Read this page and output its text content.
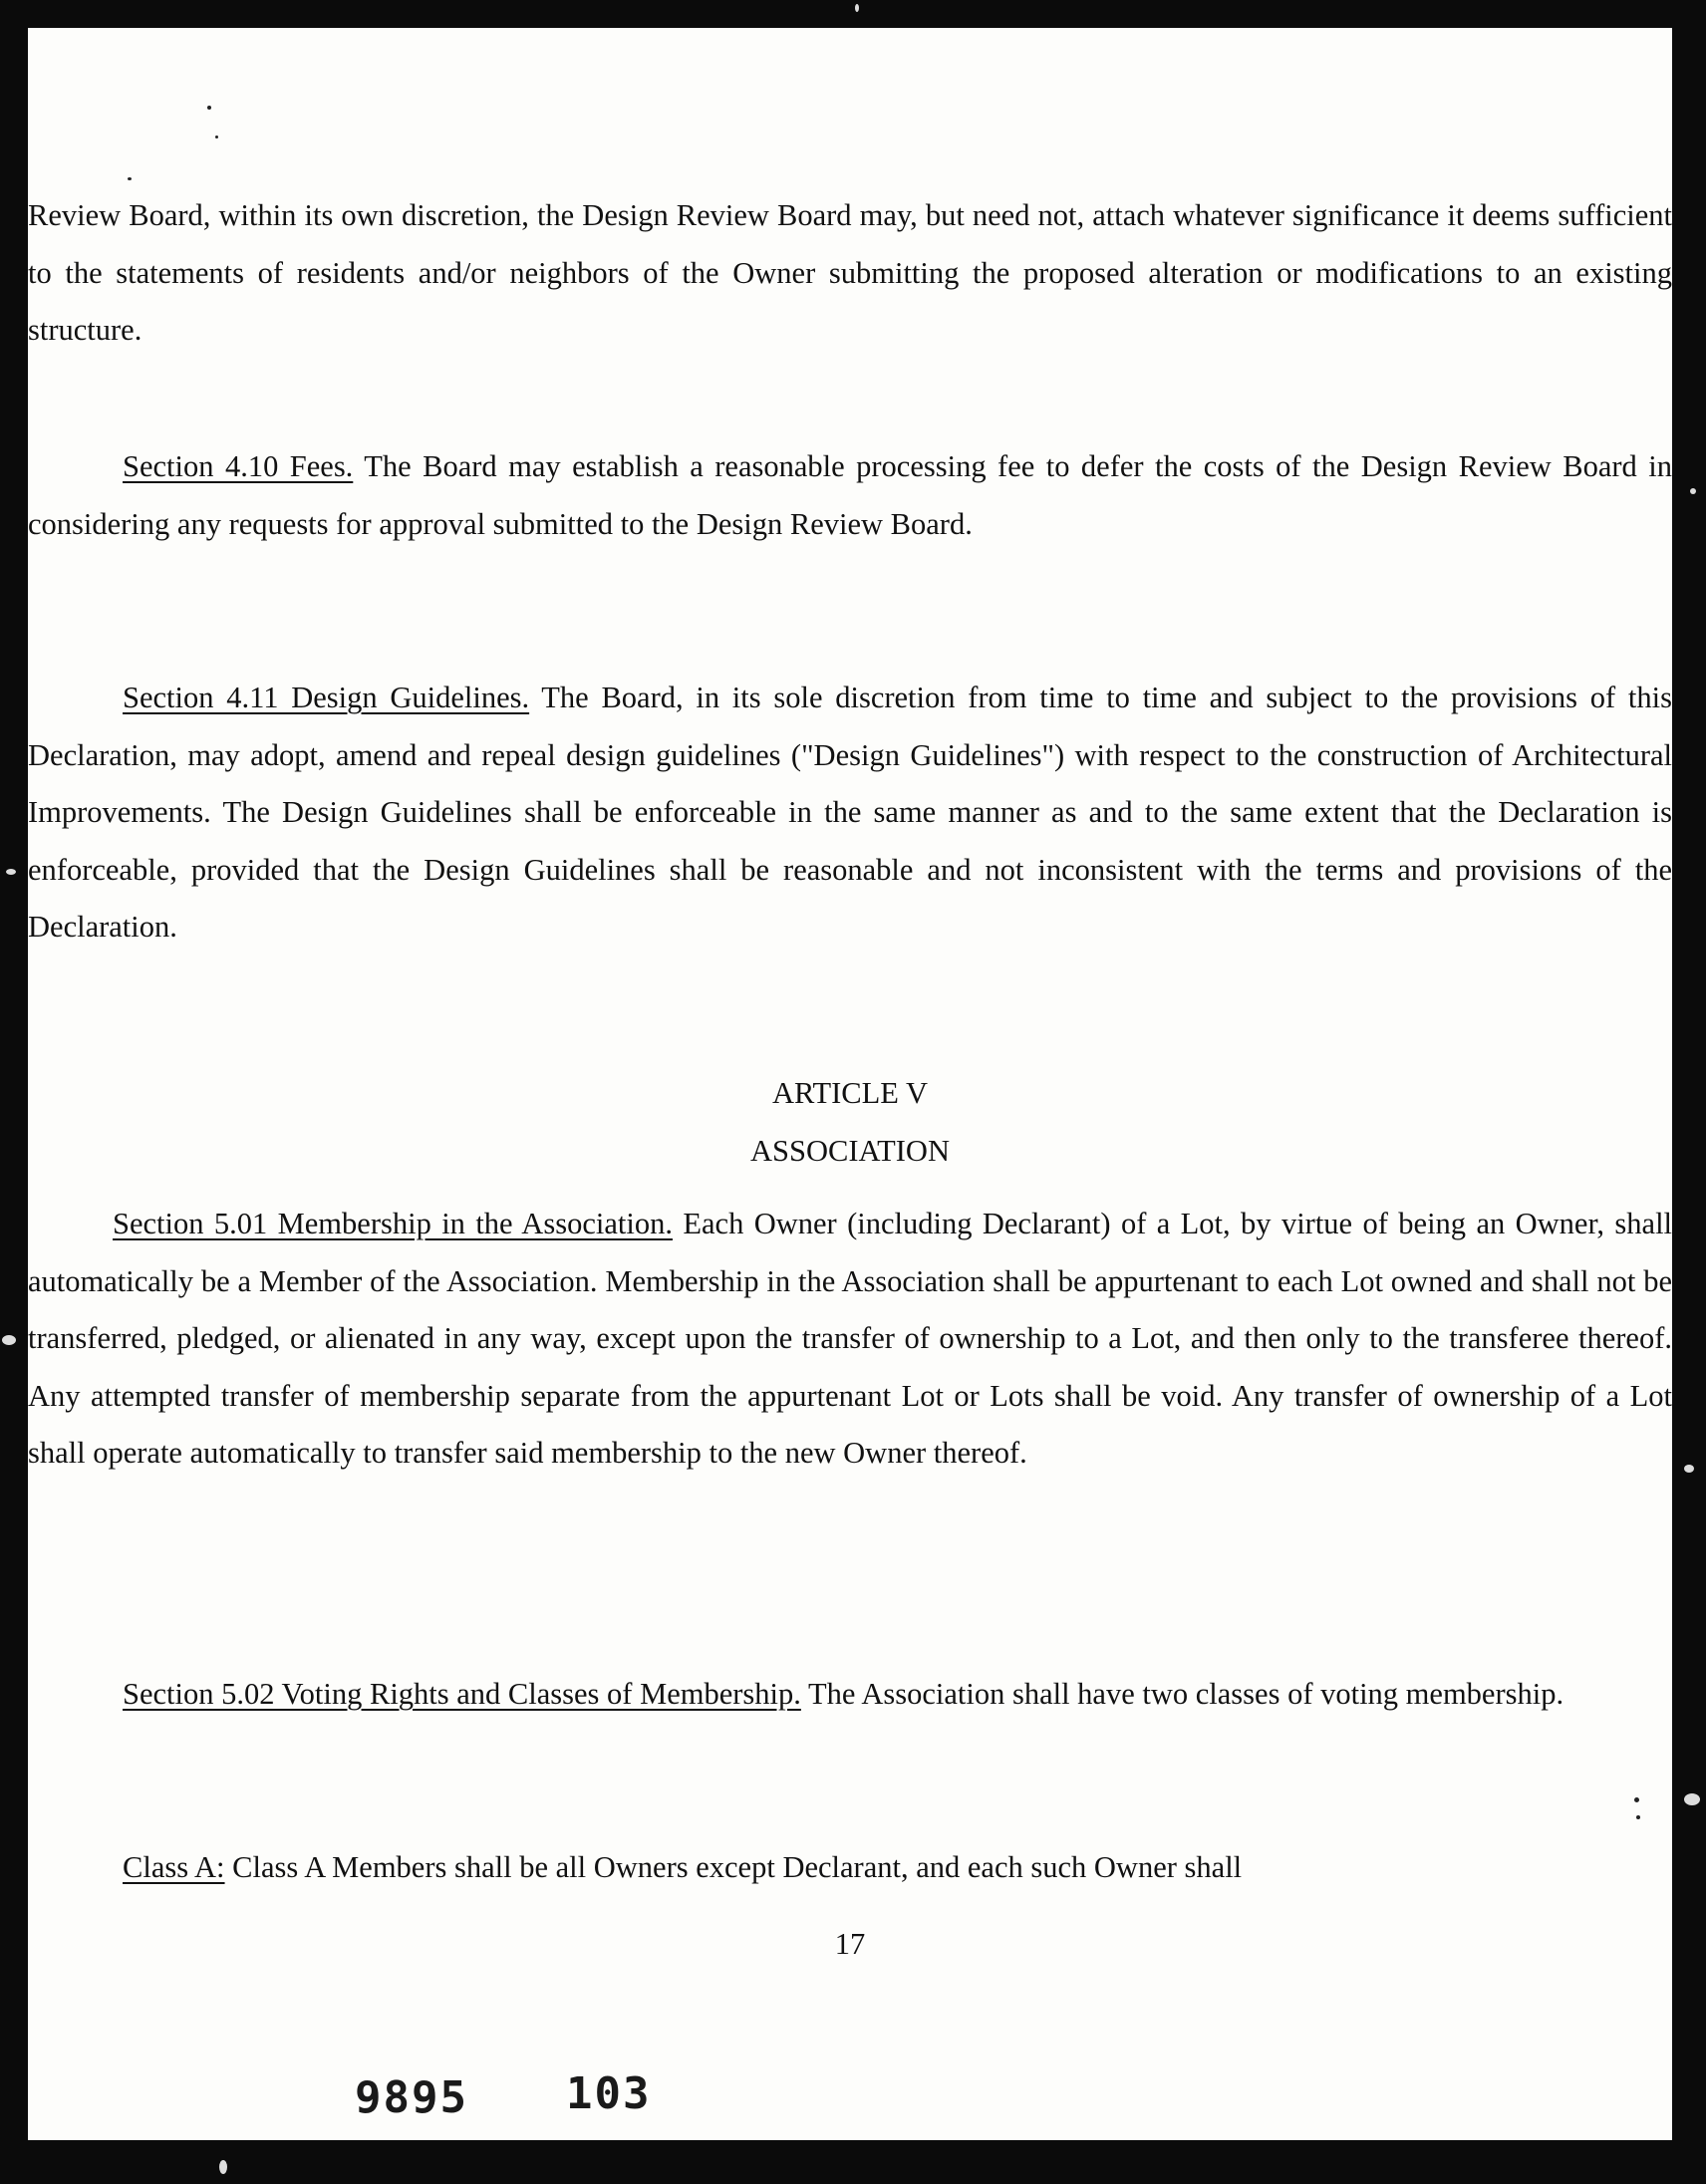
Review Board, within its own discretion, the Design Review Board may, but need not, attach whatever significance it deems sufficient to the statements of residents and/or neighbors of the Owner submitting the proposed alteration or modifications to an existing structure.

Section 4.10 Fees. The Board may establish a reasonable processing fee to defer the costs of the Design Review Board in considering any requests for approval submitted to the Design Review Board.

Section 4.11 Design Guidelines. The Board, in its sole discretion from time to time and subject to the provisions of this Declaration, may adopt, amend and repeal design guidelines ("Design Guidelines") with respect to the construction of Architectural Improvements. The Design Guidelines shall be enforceable in the same manner as and to the same extent that the Declaration is enforceable, provided that the Design Guidelines shall be reasonable and not inconsistent with the terms and provisions of the Declaration.

ARTICLE V

ASSOCIATION

Section 5.01 Membership in the Association. Each Owner (including Declarant) of a Lot, by virtue of being an Owner, shall automatically be a Member of the Association. Membership in the Association shall be appurtenant to each Lot owned and shall not be transferred, pledged, or alienated in any way, except upon the transfer of ownership to a Lot, and then only to the transferee thereof. Any attempted transfer of membership separate from the appurtenant Lot or Lots shall be void. Any transfer of ownership of a Lot shall operate automatically to transfer said membership to the new Owner thereof.

Section 5.02 Voting Rights and Classes of Membership. The Association shall have two classes of voting membership.

Class A: Class A Members shall be all Owners except Declarant, and each such Owner shall

17

9895 103
